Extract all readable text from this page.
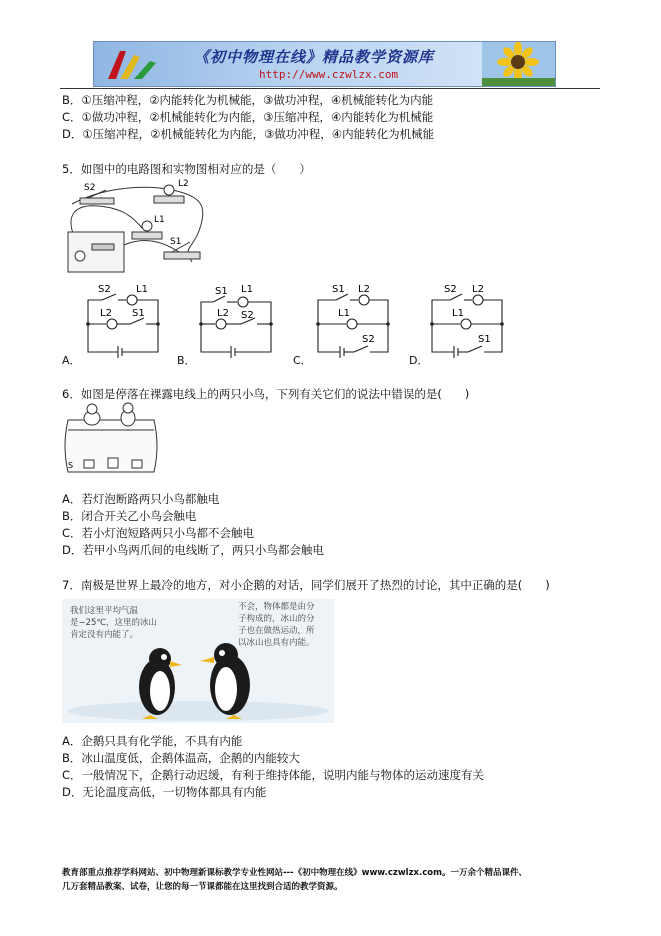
《初中物理在线》精品教学资源库
http://www.czwlzx.com
B．①压缩冲程，②内能转化为机械能，③做功冲程，④机械能转化为内能
C．①做功冲程，②机械能转化为内能，③压缩冲程，④内能转化为机械能
D．①压缩冲程，②机械能转化为内能，③做功冲程，④内能转化为机械能
5．如图中的电路图和实物图相对应的是（　　）
S2	L2
L1
S1
S2	L1
L2 S1
A．
S1 L1
L2 S2
B．
S1 L2
L1
S2
C．
S2 L2
L1
S1
D．
6．如图是停落在裸露电线上的两只小鸟，下列有关它们的说法中错误的是(　　)
S
A．若灯泡断路两只小鸟都触电
B．闭合开关乙小鸟会触电
C．若小灯泡短路两只小鸟都不会触电
D．若甲小鸟两爪间的电线断了，两只小鸟都会触电
7．南极是世界上最冷的地方，对小企鹅的对话，同学们展开了热烈的讨论，其中正确的是(　　)
我们这里平均气温
是−25℃，这里的冰山
肯定没有内能了。
不会，物体都是由分
子构成的，冰山的分
子也在做热运动，所
以冰山也具有内能。
A．企鹅只具有化学能，不具有内能
B．冰山温度低，企鹅体温高，企鹅的内能较大
C．一般情况下，企鹅行动迟缓，有利于维持体能，说明内能与物体的运动速度有关
D．无论温度高低，一切物体都具有内能
教育部重点推荐学科网站、初中物理新课标教学专业性网站---《初中物理在线》www.czwlzx.com。一万余个精品课件、
几万套精品教案、试卷，让您的每一节课都能在这里找到合适的教学资源。
